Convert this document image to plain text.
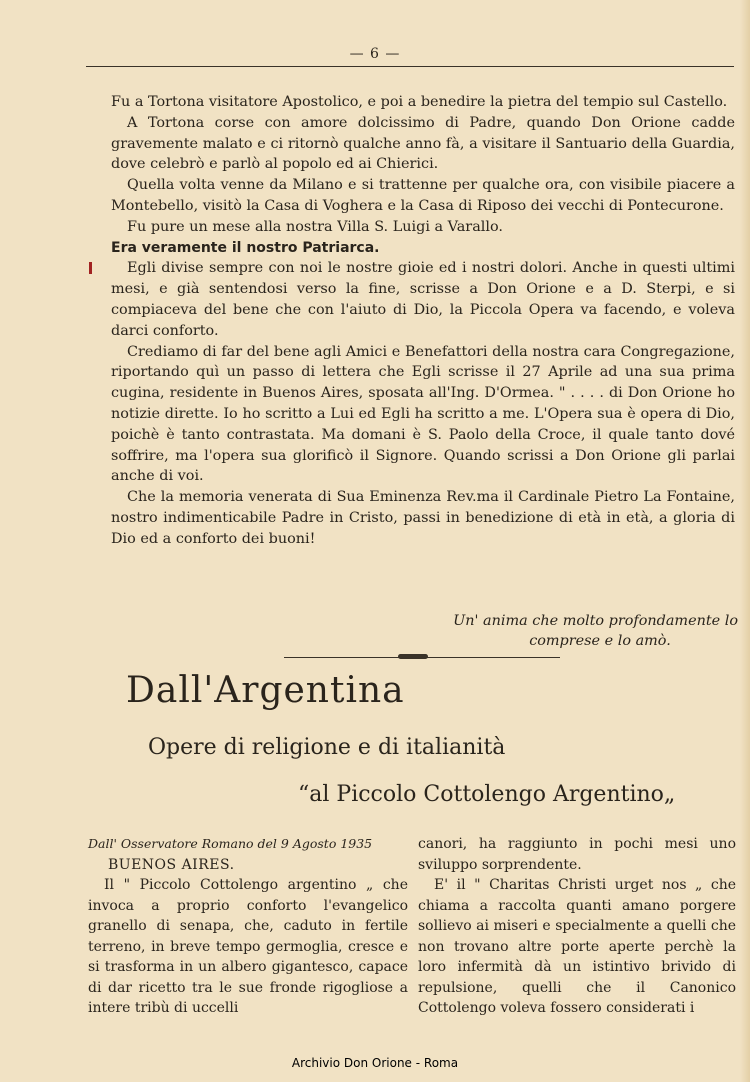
— 6 —

Fu a Tortona visitatore Apostolico, e poi a benedire la pietra del tempio sul Castello.

A Tortona corse con amore dolcissimo di Padre, quando Don Orione cadde gravemente malato e ci ritornò qualche anno fà, a visitare il Santuario della Guardia, dove celebrò e parlò al popolo ed ai Chierici.

Quella volta venne da Milano e si trattenne per qualche ora, con visibile piacere a Montebello, visitò la Casa di Voghera e la Casa di Riposo dei vecchi di Pontecurone.

Fu pure un mese alla nostra Villa S. Luigi a Varallo.

Era veramente il nostro Patriarca.

Egli divise sempre con noi le nostre gioie ed i nostri dolori. Anche in questi ultimi mesi, e già sentendosi verso la fine, scrisse a Don Orione e a D. Sterpi, e si compiaceva del bene che con l'aiuto di Dio, la Piccola Opera va facendo, e voleva darci conforto.

Crediamo di far del bene agli Amici e Benefattori della nostra cara Congregazione, riportando quì un passo di lettera che Egli scrisse il 27 Aprile ad una sua prima cugina, residente in Buenos Aires, sposata all'Ing. D'Ormea. " . . . . di Don Orione ho notizie dirette. Io ho scritto a Lui ed Egli ha scritto a me. L'Opera sua è opera di Dio, poichè è tanto contrastata. Ma domani è S. Paolo della Croce, il quale tanto dové soffrire, ma l'opera sua glorificò il Signore. Quando scrissi a Don Orione gli parlai anche di voi.

Che la memoria venerata di Sua Eminenza Rev.ma il Cardinale Pietro La Fontaine, nostro indimenticabile Padre in Cristo, passi in benedizione di età in età, a gloria di Dio ed a conforto dei buoni!

Un' anima che molto profondamente lo
comprese e lo amò.
Dall'Argentina
Opere di religione e di italianità
“al Piccolo Cottolengo Argentino„

Dall' Osservatore Romano del 9 Agosto 1935

BUENOS AIRES.

Il " Piccolo Cottolengo argentino „ che invoca a proprio conforto l'evangelico granello di senapa, che, caduto in fertile terreno, in breve tempo germoglia, cresce e si trasforma in un albero gigantesco, capace di dar ricetto tra le sue fronde rigogliose a intere tribù di uccelli

canori, ha raggiunto in pochi mesi uno sviluppo sorprendente.

E' il " Charitas Christi urget nos „ che chiama a raccolta quanti amano porgere sollievo ai miseri e specialmente a quelli che non trovano altre porte aperte perchè la loro infermità dà un istintivo brivido di repulsione, quelli che il Canonico Cottolengo voleva fossero considerati i

Archivio Don Orione - Roma
